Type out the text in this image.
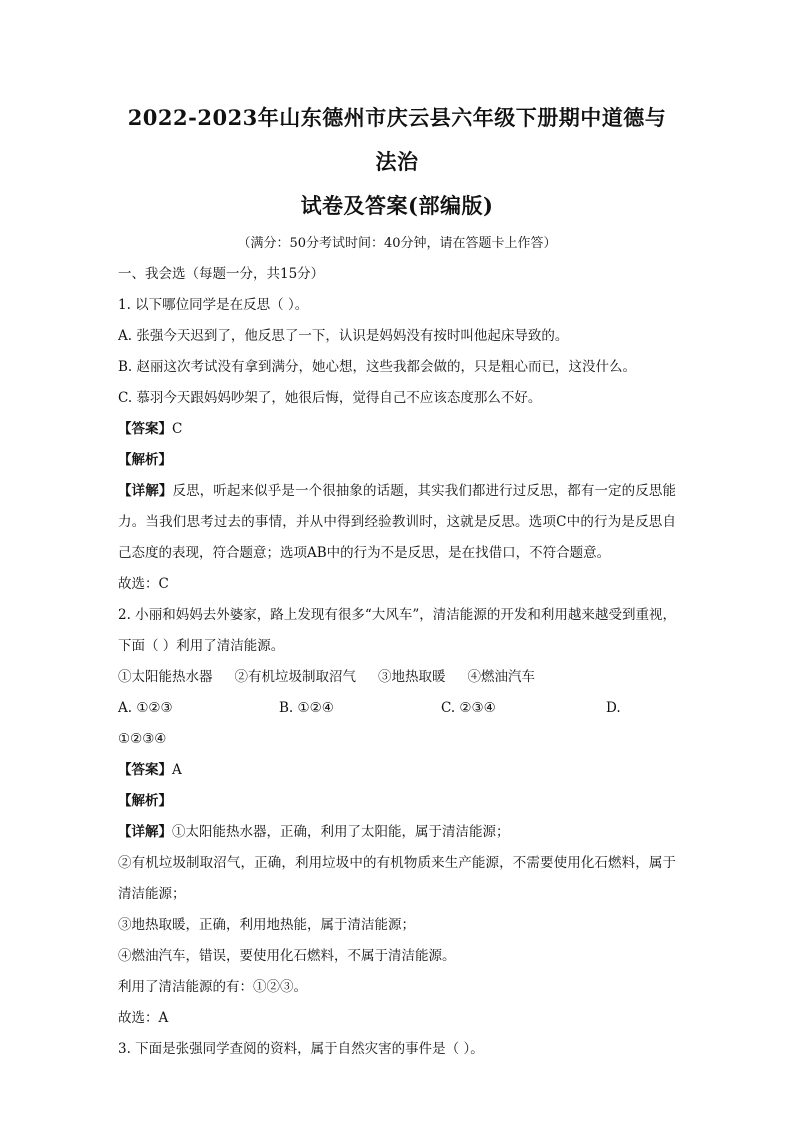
2022-2023年山东德州市庆云县六年级下册期中道德与法治
试卷及答案(部编版)
（满分：50分考试时间：40分钟，请在答题卡上作答）
一、我会选（每题一分，共15分）
1. 以下哪位同学是在反思（ ）。
A. 张强今天迟到了，他反思了一下，认识是妈妈没有按时叫他起床导致的。
B. 赵丽这次考试没有拿到满分，她心想，这些我都会做的，只是粗心而已，这没什么。
C. 慕羽今天跟妈妈吵架了，她很后悔，觉得自己不应该态度那么不好。
【答案】C
【解析】
【详解】反思，听起来似乎是一个很抽象的话题，其实我们都进行过反思，都有一定的反思能力。当我们思考过去的事情，并从中得到经验教训时，这就是反思。选项C中的行为是反思自己态度的表现，符合题意；选项AB中的行为不是反思，是在找借口，不符合题意。
故选：C
2. 小丽和妈妈去外婆家，路上发现有很多“大风车”，清洁能源的开发和利用越来越受到重视，下面（ ）利用了清洁能源。
①太阳能热水器 ②有机垃圾制取沼气 ③地热取暖 ④燃油汽车
A. ①②③	B. ①②④	C. ②③④	D.
①②③④
【答案】A
【解析】
【详解】①太阳能热水器，正确，利用了太阳能，属于清洁能源；
②有机垃圾制取沼气，正确，利用垃圾中的有机物质来生产能源，不需要使用化石燃料，属于清洁能源；
③地热取暖，正确，利用地热能，属于清洁能源；
④燃油汽车，错误，要使用化石燃料，不属于清洁能源。
利用了清洁能源的有：①②③。
故选：A
3. 下面是张强同学查阅的资料，属于自然灾害的事件是（ ）。
